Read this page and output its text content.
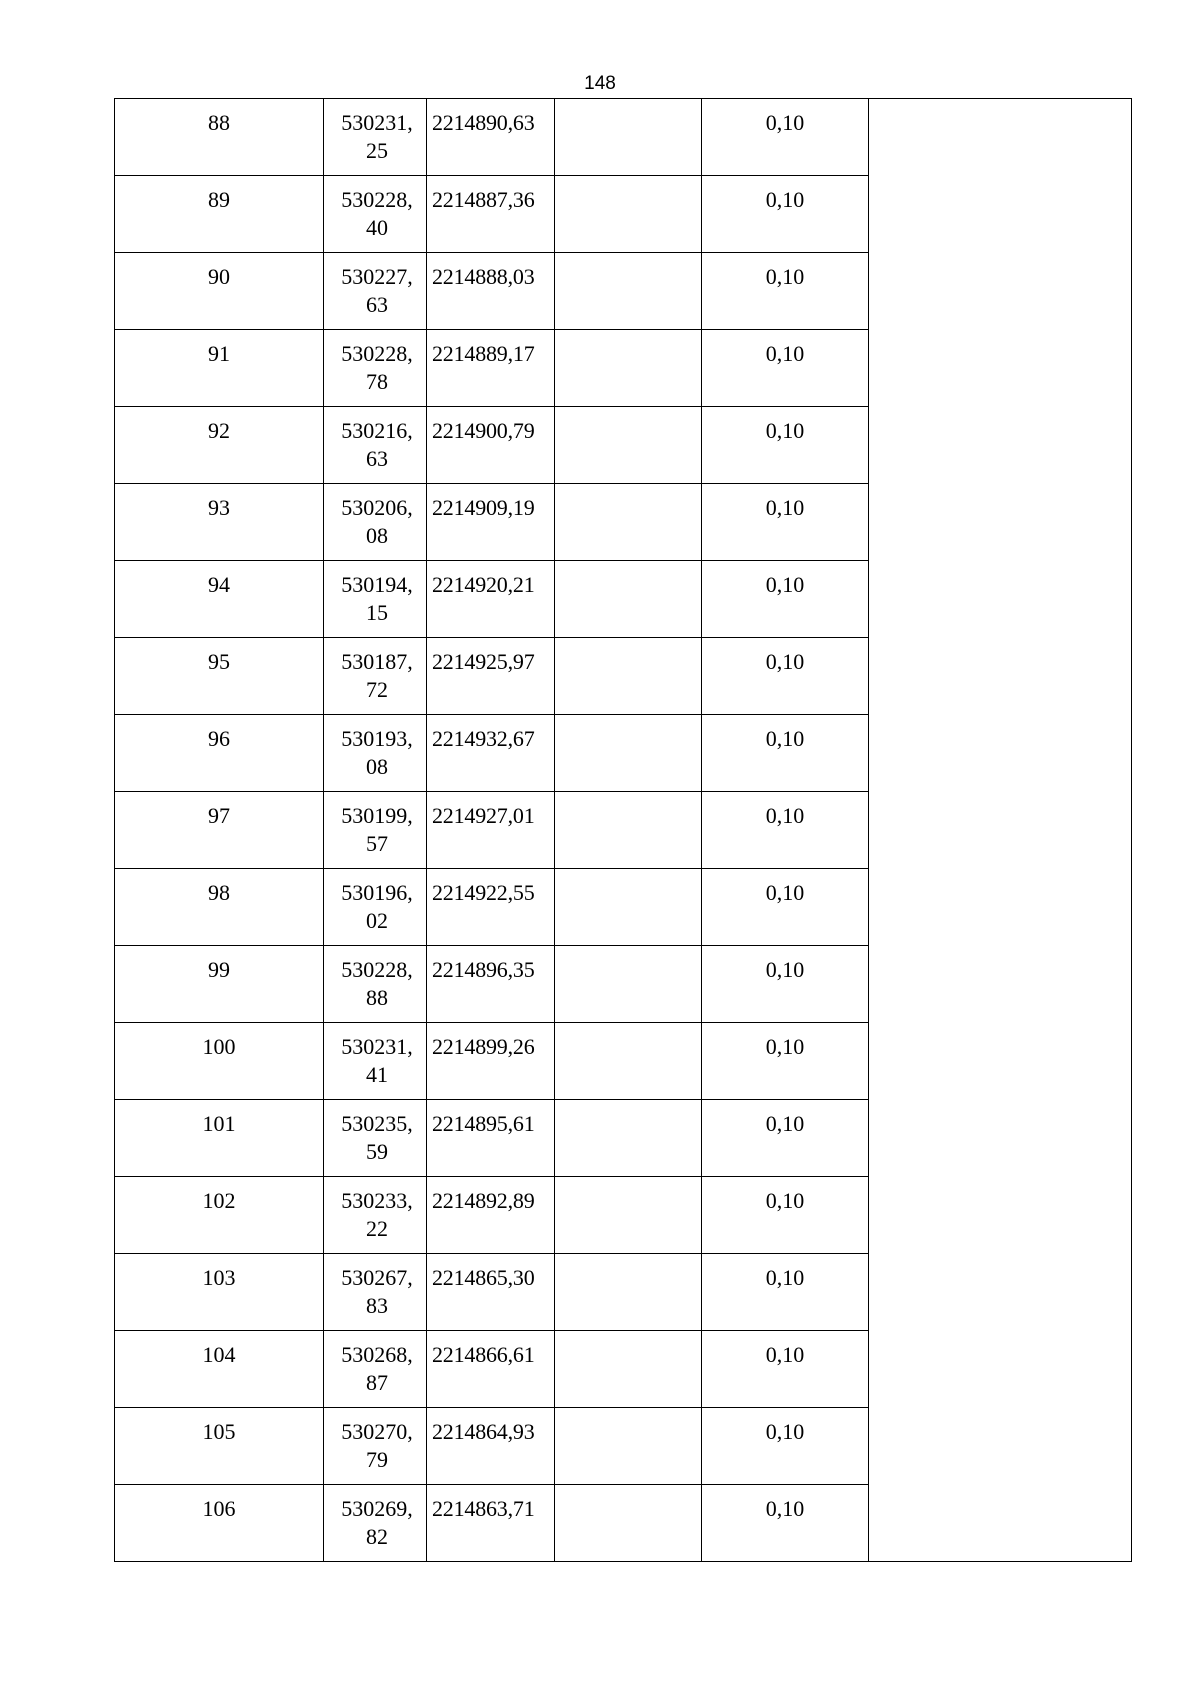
148
88	530231,
25	2214890,63		0,10	

89	530228,
40	2214887,36		0,10	

90	530227,
63	2214888,03		0,10	

91	530228,
78	2214889,17		0,10	

92	530216,
63	2214900,79		0,10	

93	530206,
08	2214909,19		0,10	

94	530194,
15	2214920,21		0,10	

95	530187,
72	2214925,97		0,10	

96	530193,
08	2214932,67		0,10	

97	530199,
57	2214927,01		0,10	

98	530196,
02	2214922,55		0,10	

99	530228,
88	2214896,35		0,10	

100	530231,
41	2214899,26		0,10	

101	530235,
59	2214895,61		0,10	

102	530233,
22	2214892,89		0,10	

103	530267,
83	2214865,30		0,10	

104	530268,
87	2214866,61		0,10	

105	530270,
79	2214864,93		0,10	

106	530269,
82	2214863,71		0,10	
